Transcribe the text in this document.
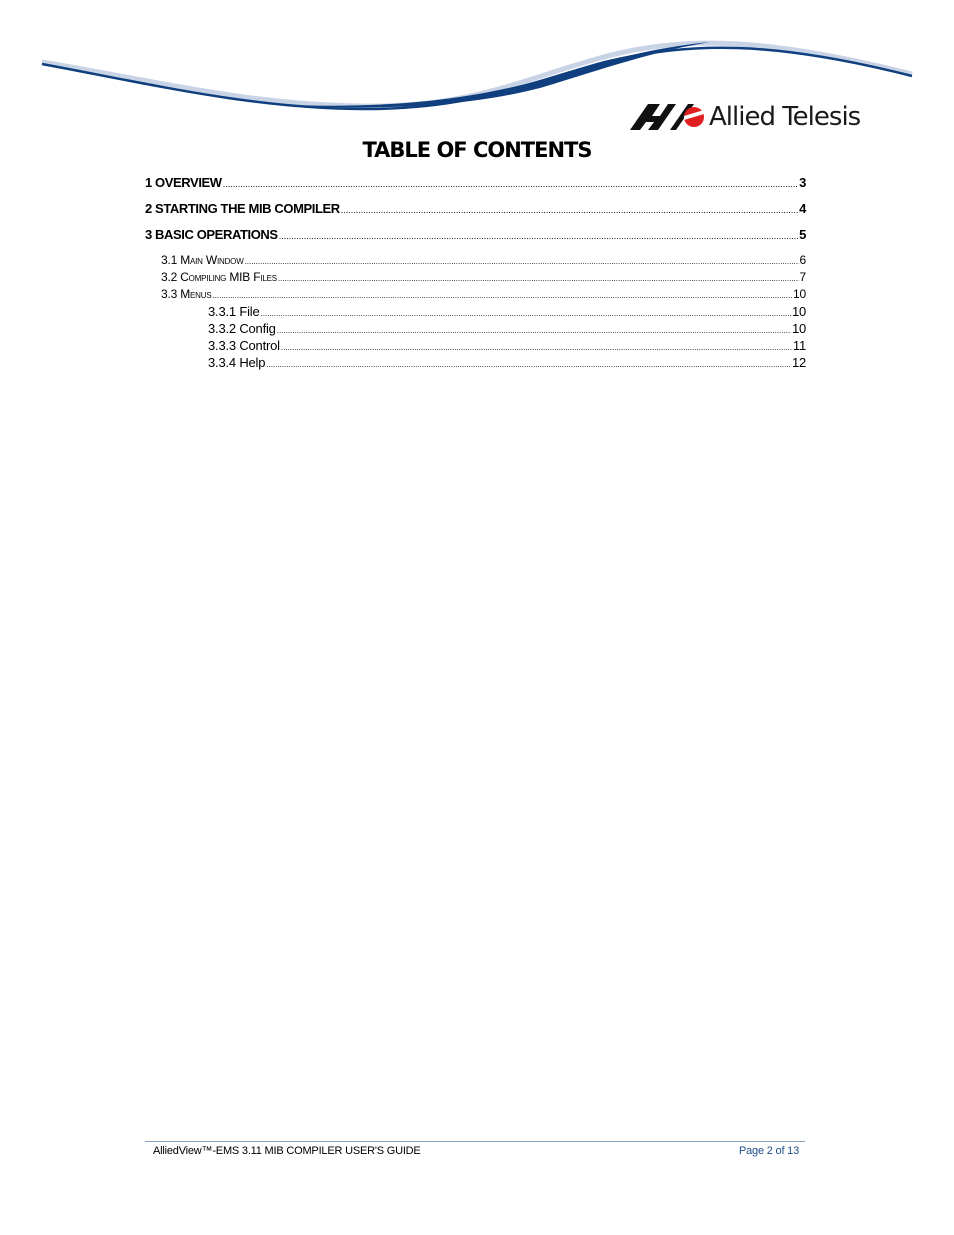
Allied Telesis
TABLE OF CONTENTS
1 OVERVIEW .....	3
2 STARTING THE MIB COMPILER .....	4
3 BASIC OPERATIONS .....	5
3.1 Main Window .....	6
3.2 Compiling MIB Files .....	7
3.3 Menus .....	10
3.3.1 File .....	10
3.3.2 Config .....	10
3.3.3 Control .....	11
3.3.4 Help .....	12
AlliedView™-EMS 3.11 MIB COMPILER USER'S GUIDE	Page 2 of 13
